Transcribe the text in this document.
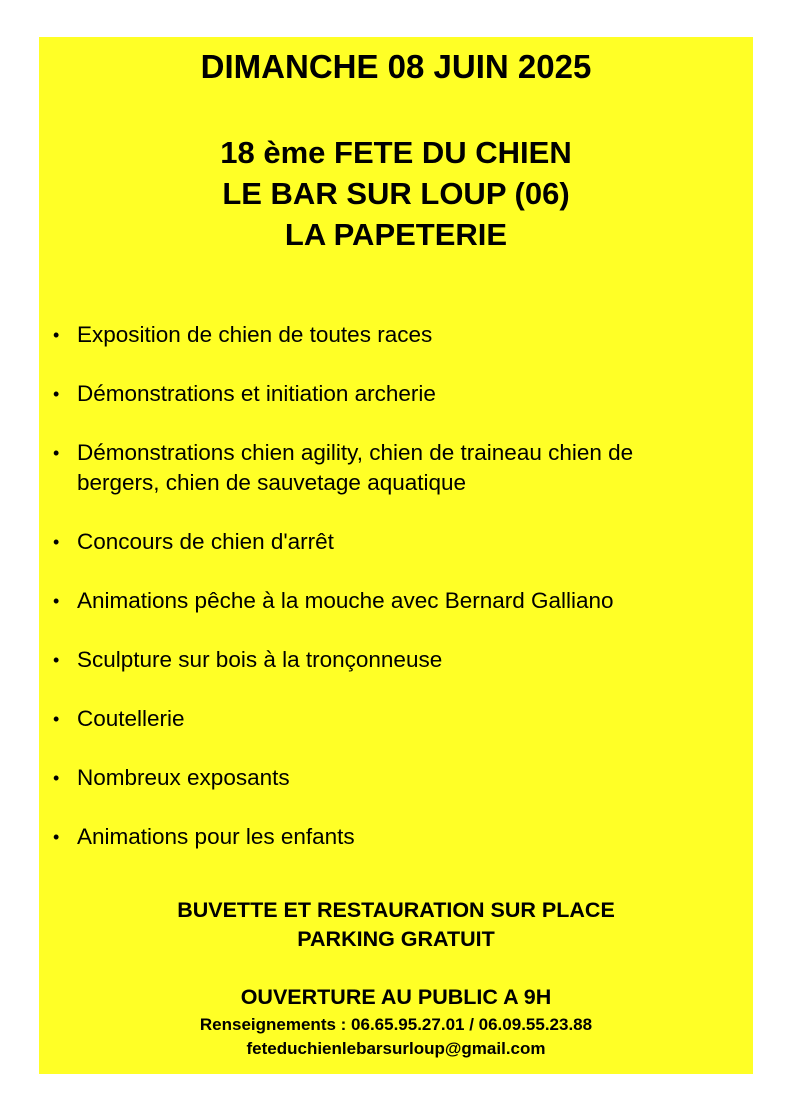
DIMANCHE 08 JUIN 2025
18 ème FETE DU CHIEN
LE BAR SUR LOUP (06)
LA PAPETERIE
• Exposition de chien de toutes races
• Démonstrations et initiation archerie
• Démonstrations chien agility, chien de traineau chien de
bergers, chien de sauvetage aquatique
• Concours de chien d'arrêt
• Animations pêche à la mouche avec Bernard Galliano
• Sculpture sur bois à la tronçonneuse
• Coutellerie
• Nombreux exposants
• Animations pour les enfants
BUVETTE ET RESTAURATION SUR PLACE
PARKING GRATUIT
OUVERTURE AU PUBLIC A 9H
Renseignements : 06.65.95.27.01 / 06.09.55.23.88
feteduchienlebarsurloup@gmail.com
